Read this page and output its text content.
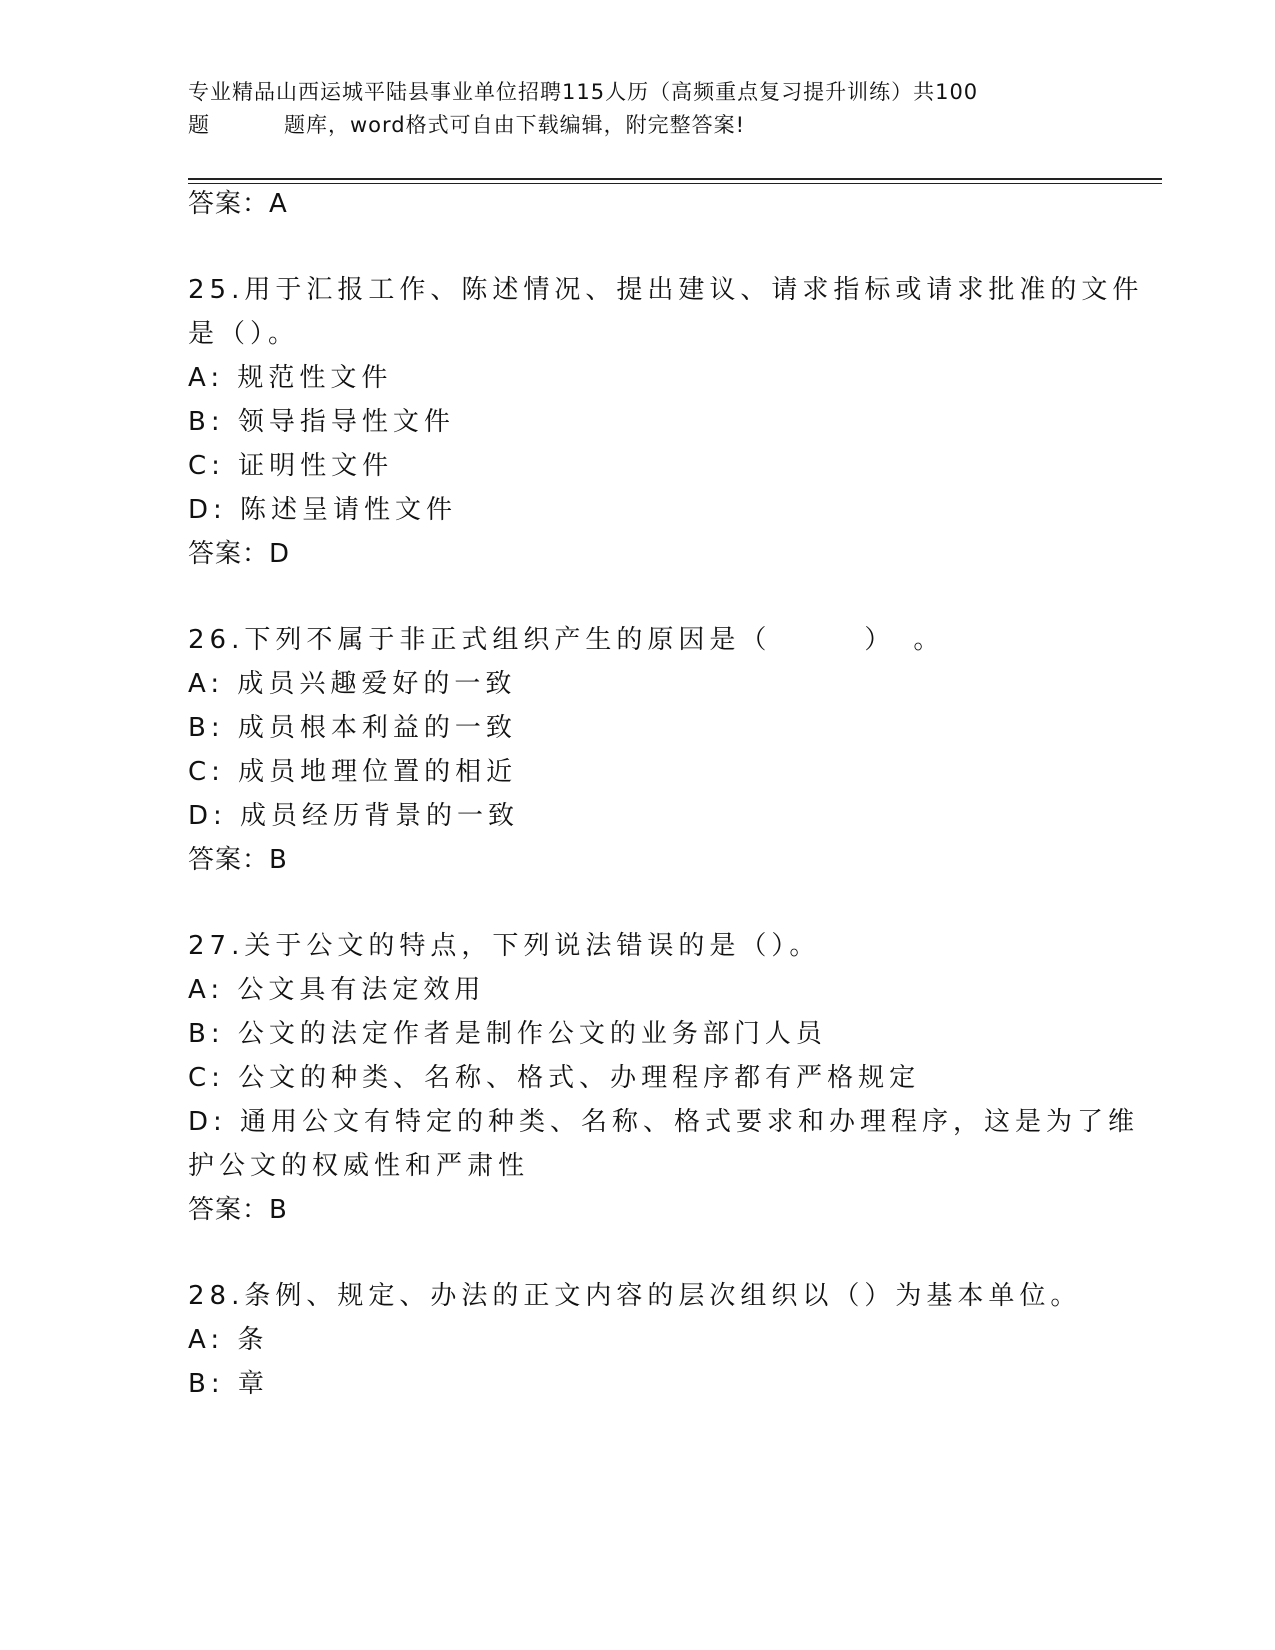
专业精品山西运城平陆县事业单位招聘115人历（高频重点复习提升训练）共100
题	题库，word格式可自由下载编辑，附完整答案!
答案：A
25.用于汇报工作、陈述情况、提出建议、请求指标或请求批准的文件
是（）。
A: 规范性文件
B: 领导指导性文件
C: 证明性文件
D: 陈述呈请性文件
答案：D
26.下列不属于非正式组织产生的原因是（　　　）　。
A: 成员兴趣爱好的一致
B: 成员根本利益的一致
C: 成员地理位置的相近
D: 成员经历背景的一致
答案：B
27.关于公文的特点，下列说法错误的是（）。
A: 公文具有法定效用
B: 公文的法定作者是制作公文的业务部门人员
C: 公文的种类、名称、格式、办理程序都有严格规定
D: 通用公文有特定的种类、名称、格式要求和办理程序，这是为了维
护公文的权威性和严肃性
答案：B
28.条例、规定、办法的正文内容的层次组织以（）为基本单位。
A: 条
B: 章
